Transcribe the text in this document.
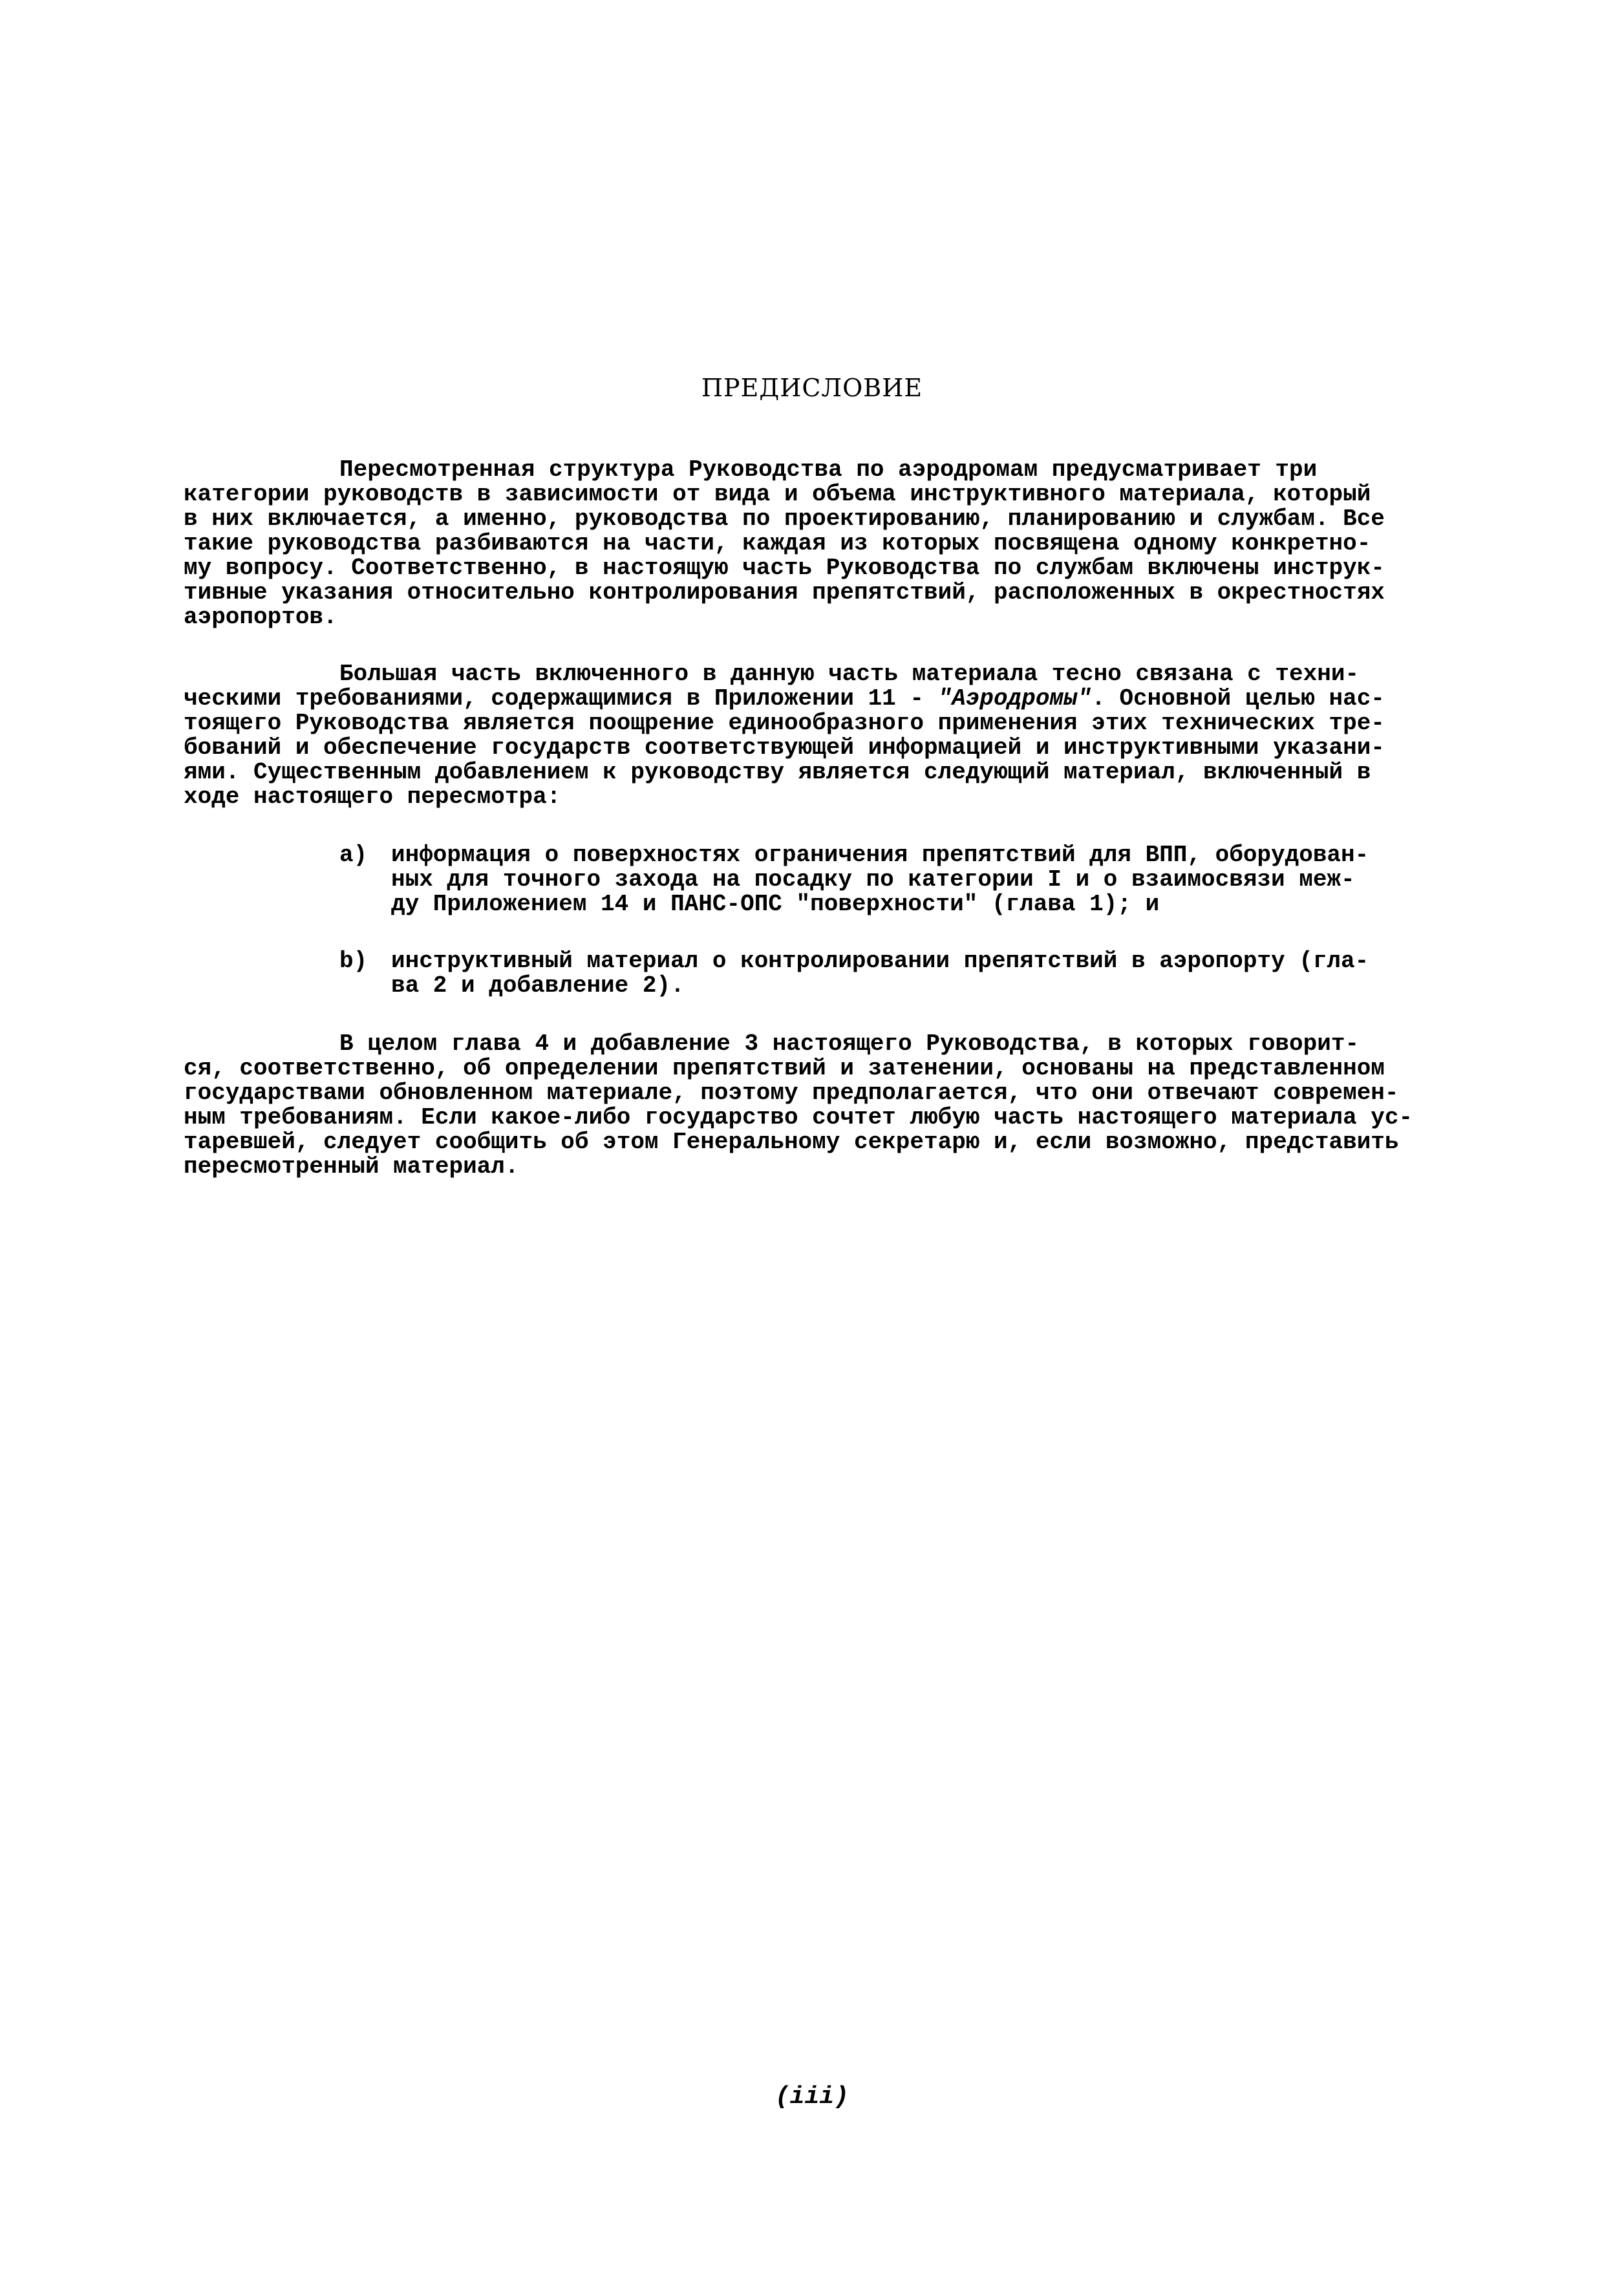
ПРЕДИСЛОВИЕ
Пересмотренная структура Руководства по аэродромам предусматривает три
категории руководств в зависимости от вида и объема инструктивного материала, который
в них включается, а именно, руководства по проектированию, планированию и службам. Все
такие руководства разбиваются на части, каждая из которых посвящена одному конкретно-
му вопросу. Соответственно, в настоящую часть Руководства по службам включены инструк-
тивные указания относительно контролирования препятствий, расположенных в окрестностях
аэропортов.
Большая часть включенного в данную часть материала тесно связана с техни-
ческими требованиями, содержащимися в Приложении 11 - "Аэродромы". Основной целью нас-
тоящего Руководства является поощрение единообразного применения этих технических тре-
бований и обеспечение государств соответствующей информацией и инструктивными указани-
ями. Существенным добавлением к руководству является следующий материал, включенный в
ходе настоящего пересмотра:
a) информация о поверхностях ограничения препятствий для ВПП, оборудован-
ных для точного захода на посадку по категории I и о взаимосвязи меж-
ду Приложением 14 и ПАНС-ОПС "поверхности" (глава 1); и
b) инструктивный материал о контролировании препятствий в аэропорту (гла-
ва 2 и добавление 2).
В целом глава 4 и добавление 3 настоящего Руководства, в которых говорит-
ся, соответственно, об определении препятствий и затенении, основаны на представленном
государствами обновленном материале, поэтому предполагается, что они отвечают современ-
ным требованиям. Если какое-либо государство сочтет любую часть настоящего материала ус-
таревшей, следует сообщить об этом Генеральному секретарю и, если возможно, представить
пересмотренный материал.
(iii)
